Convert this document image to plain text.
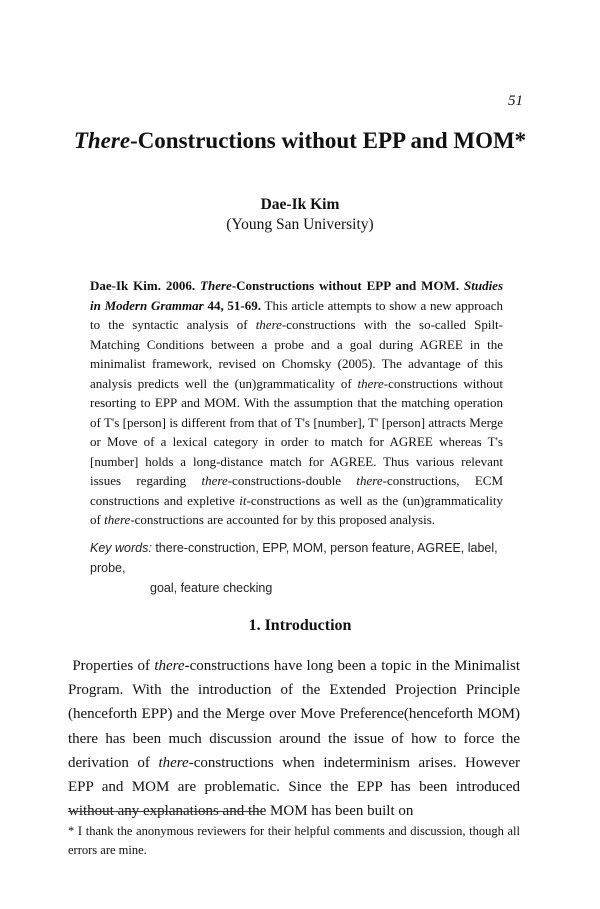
51
There-Constructions without EPP and MOM*
Dae-Ik Kim
(Young San University)
Dae-Ik Kim. 2006. There-Constructions without EPP and MOM. Studies in Modern Grammar 44, 51-69. This article attempts to show a new approach to the syntactic analysis of there-constructions with the so-called Spilt-Matching Conditions between a probe and a goal during AGREE in the minimalist framework, revised on Chomsky (2005). The advantage of this analysis predicts well the (un)grammaticality of there-constructions without resorting to EPP and MOM. With the assumption that the matching operation of T's [person] is different from that of T's [number], T' [person] attracts Merge or Move of a lexical category in order to match for AGREE whereas T's [number] holds a long-distance match for AGREE. Thus various relevant issues regarding there-constructions-double there-constructions, ECM constructions and expletive it-constructions as well as the (un)grammaticality of there-constructions are accounted for by this proposed analysis.
Key words: there-construction, EPP, MOM, person feature, AGREE, label, probe,
goal, feature checking
1. Introduction
Properties of there-constructions have long been a topic in the Minimalist Program. With the introduction of the Extended Projection Principle (henceforth EPP) and the Merge over Move Preference(henceforth MOM) there has been much discussion around the issue of how to force the derivation of there-constructions when indeterminism arises. However EPP and MOM are problematic. Since the EPP has been introduced without any explanations and the MOM has been built on
* I thank the anonymous reviewers for their helpful comments and discussion, though all errors are mine.
